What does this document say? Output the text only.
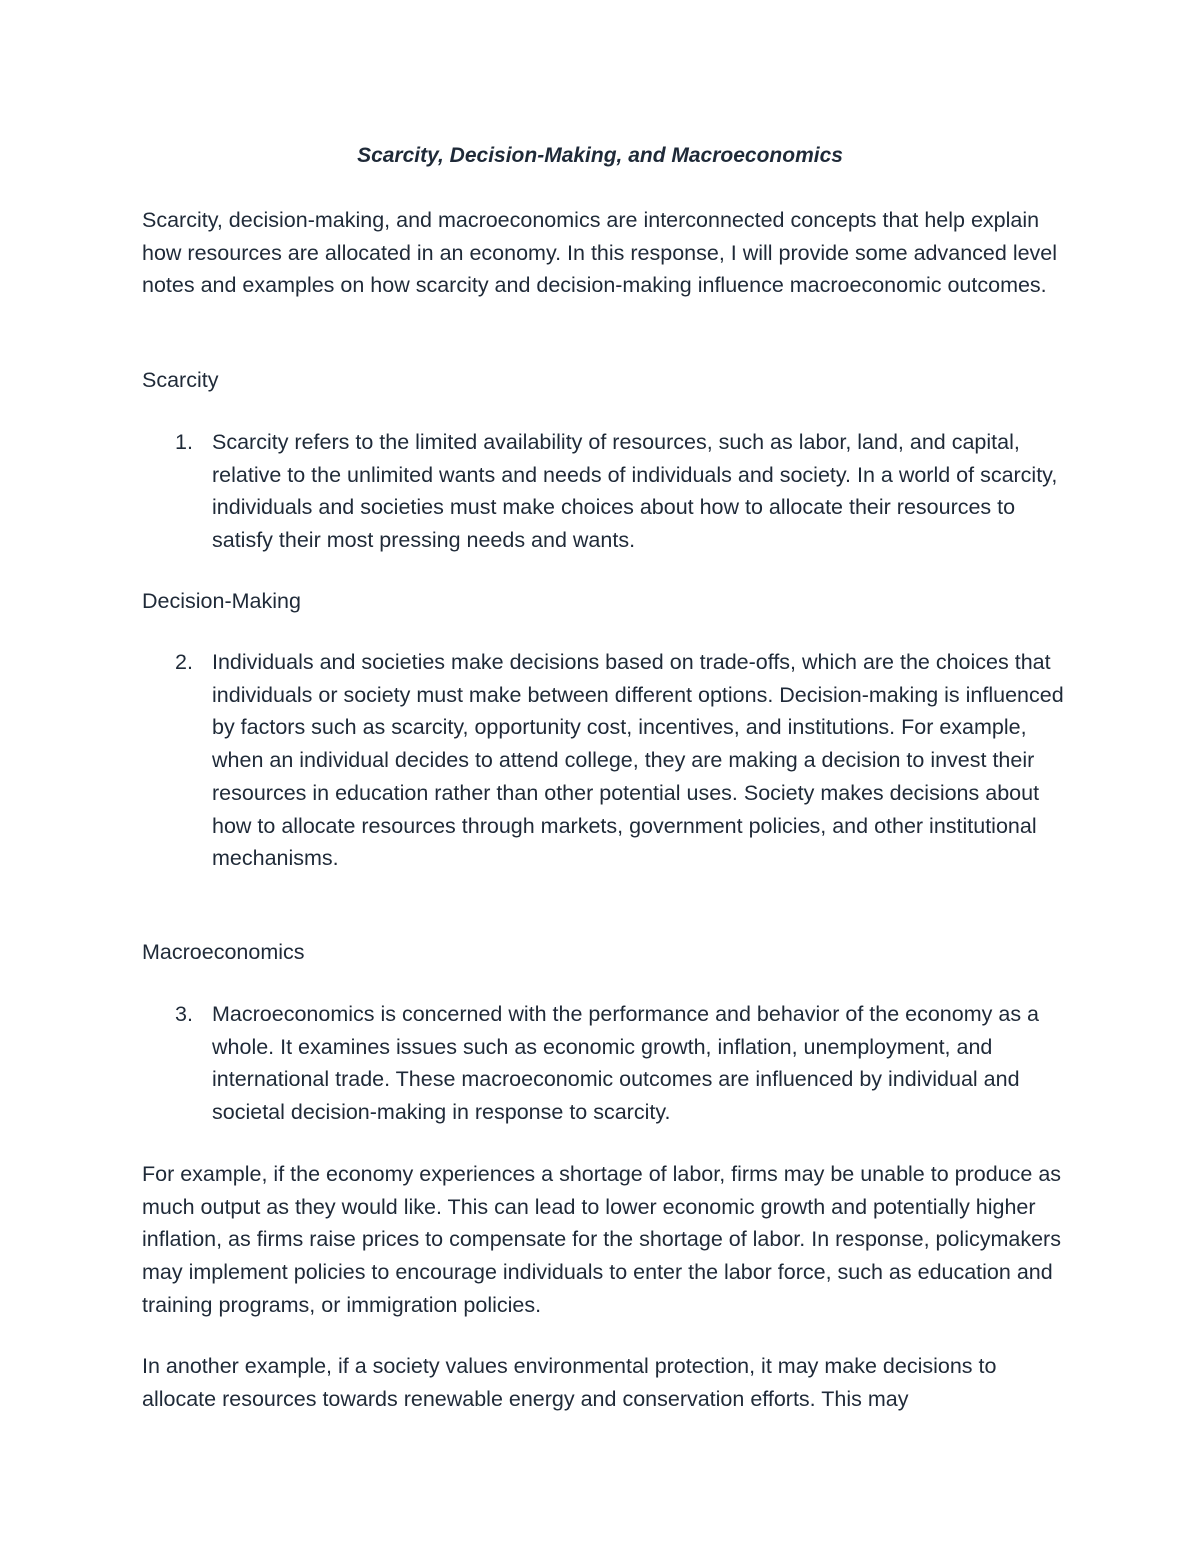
Scarcity, Decision-Making, and Macroeconomics

Scarcity, decision-making, and macroeconomics are interconnected concepts that help explain how resources are allocated in an economy. In this response, I will provide some advanced level notes and examples on how scarcity and decision-making influence macroeconomic outcomes.

Scarcity

1. Scarcity refers to the limited availability of resources, such as labor, land, and capital, relative to the unlimited wants and needs of individuals and society. In a world of scarcity, individuals and societies must make choices about how to allocate their resources to satisfy their most pressing needs and wants.

Decision-Making

2. Individuals and societies make decisions based on trade-offs, which are the choices that individuals or society must make between different options. Decision-making is influenced by factors such as scarcity, opportunity cost, incentives, and institutions. For example, when an individual decides to attend college, they are making a decision to invest their resources in education rather than other potential uses. Society makes decisions about how to allocate resources through markets, government policies, and other institutional mechanisms.

Macroeconomics

3. Macroeconomics is concerned with the performance and behavior of the economy as a whole. It examines issues such as economic growth, inflation, unemployment, and international trade. These macroeconomic outcomes are influenced by individual and societal decision-making in response to scarcity.

For example, if the economy experiences a shortage of labor, firms may be unable to produce as much output as they would like. This can lead to lower economic growth and potentially higher inflation, as firms raise prices to compensate for the shortage of labor. In response, policymakers may implement policies to encourage individuals to enter the labor force, such as education and training programs, or immigration policies.

In another example, if a society values environmental protection, it may make decisions to allocate resources towards renewable energy and conservation efforts. This may
